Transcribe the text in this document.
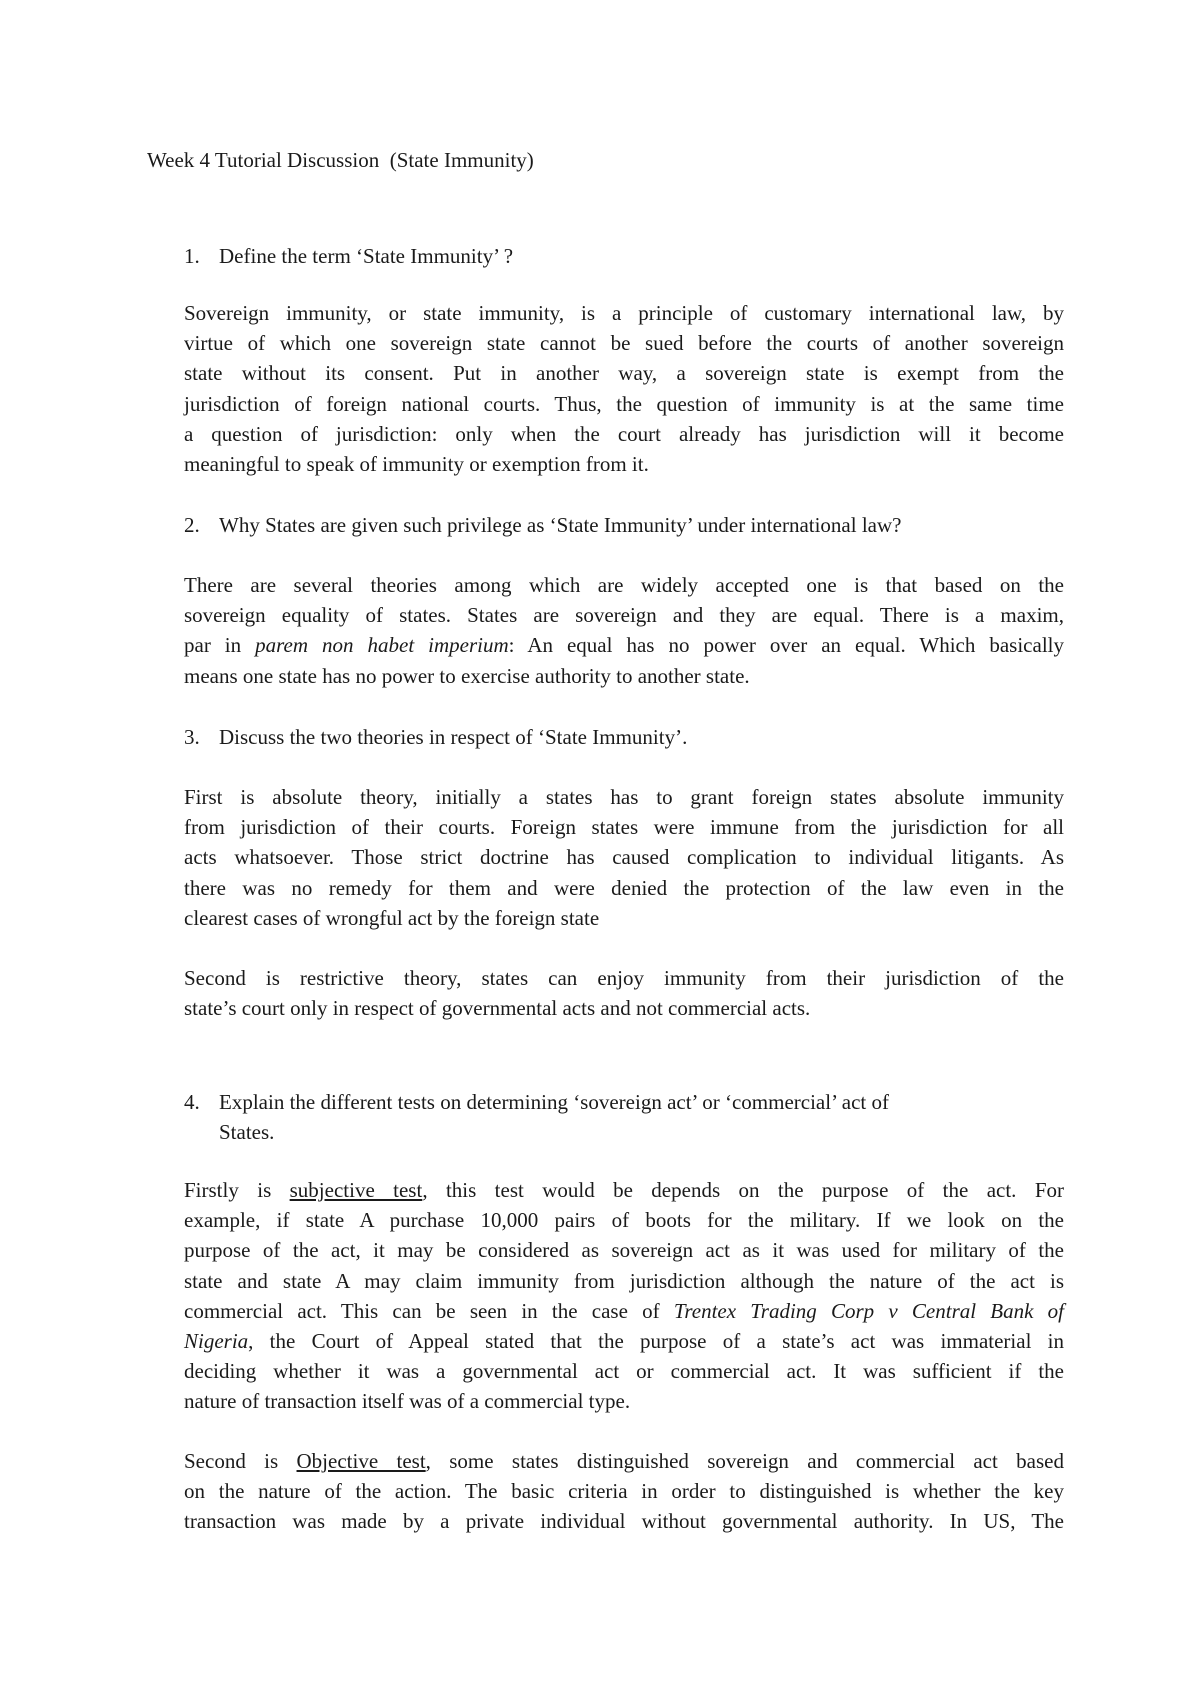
Week 4 Tutorial Discussion  (State Immunity)
1. Define the term ‘State Immunity’ ?
Sovereign immunity, or state immunity, is a principle of customary international law, by
virtue of which one sovereign state cannot be sued before the courts of another sovereign
state without its consent. Put in another way, a sovereign state is exempt from the
jurisdiction of foreign national courts. Thus, the question of immunity is at the same time
a question of jurisdiction: only when the court already has jurisdiction will it become
meaningful to speak of immunity or exemption from it.
2. Why States are given such privilege as ‘State Immunity’ under international law?
There are several theories among which are widely accepted one is that based on the
sovereign equality of states. States are sovereign and they are equal. There is a maxim,
par in parem non habet imperium: An equal has no power over an equal. Which basically
means one state has no power to exercise authority to another state.
3. Discuss the two theories in respect of ‘State Immunity’.
First is absolute theory, initially a states has to grant foreign states absolute immunity
from jurisdiction of their courts. Foreign states were immune from the jurisdiction for all
acts whatsoever. Those strict doctrine has caused complication to individual litigants. As
there was no remedy for them and were denied the protection of the law even in the
clearest cases of wrongful act by the foreign state
Second is restrictive theory, states can enjoy immunity from their jurisdiction of the
state’s court only in respect of governmental acts and not commercial acts.
4. Explain the different tests on determining ‘sovereign act’ or ‘commercial’ act of
States.
Firstly is subjective test, this test would be depends on the purpose of the act. For
example, if state A purchase 10,000 pairs of boots for the military. If we look on the
purpose of the act, it may be considered as sovereign act as it was used for military of the
state and state A may claim immunity from jurisdiction although the nature of the act is
commercial act. This can be seen in the case of Trentex Trading Corp v Central Bank of
Nigeria, the Court of Appeal stated that the purpose of a state’s act was immaterial in
deciding whether it was a governmental act or commercial act. It was sufficient if the
nature of transaction itself was of a commercial type.
Second is Objective test, some states distinguished sovereign and commercial act based
on the nature of the action. The basic criteria in order to distinguished is whether the key
transaction was made by a private individual without governmental authority. In US, The
